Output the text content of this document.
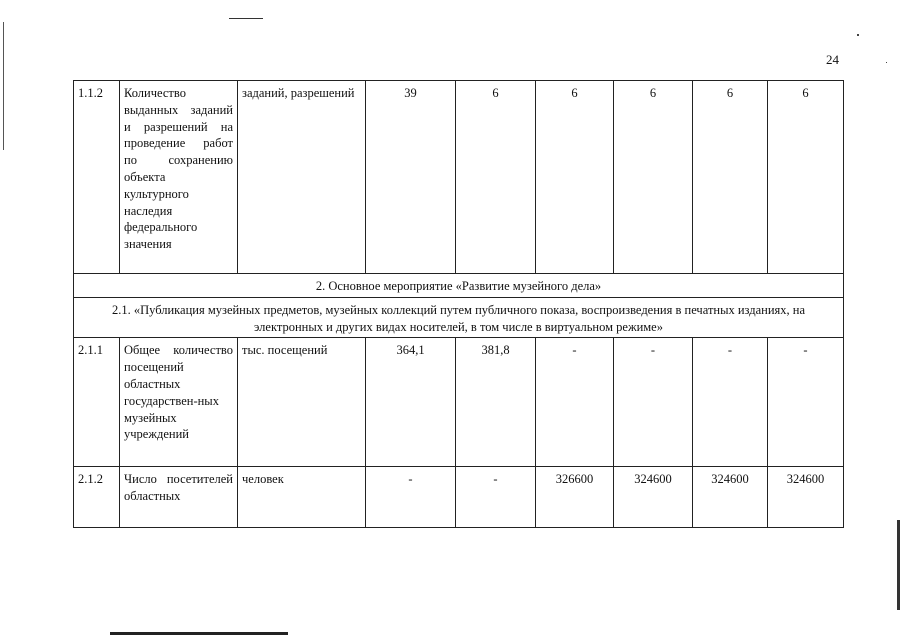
24
1.1.2	Количество выданных заданий и разрешений на проведение работ по сохранению объекта культурного наследия федерального значения	заданий, разрешений	39	6	6	6	6	6
2. Основное мероприятие «Развитие музейного дела»								
2.1. «Публикация музейных предметов, музейных коллекций путем публичного показа, воспроизведения в печатных изданиях, на электронных и других видах носителей, в том числе в виртуальном режиме»								
2.1.1	Общее количество посещений областных государствен-ных музейных учреждений	тыс. посещений	364,1	381,8	-	-	-	-
2.1.2	Число посетителей областных	человек	-	-	326600	324600	324600	324600
